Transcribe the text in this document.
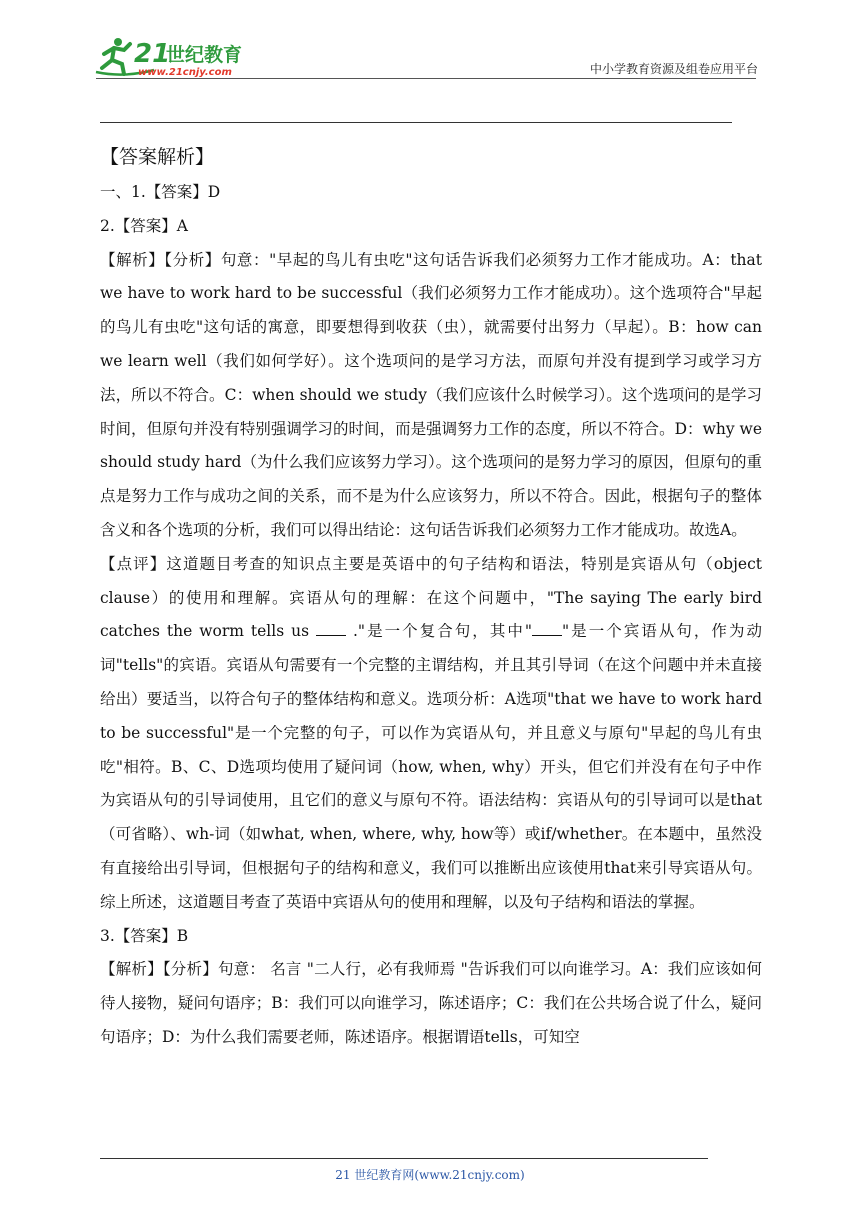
21
世纪教育
www.21cnjy.com	中小学教育资源及组卷应用平台
【答案解析】
一、1.【答案】D
2.【答案】A
【解析】【分析】句意："早起的鸟儿有虫吃"这句话告诉我们必须努力工作才能成功。A：that we have to work hard to be successful（我们必须努力工作才能成功）。这个选项符合"早起的鸟儿有虫吃"这句话的寓意，即要想得到收获（虫），就需要付出努力（早起）。B：how can we learn well（我们如何学好）。这个选项问的是学习方法，而原句并没有提到学习或学习方法，所以不符合。C：when should we study（我们应该什么时候学习）。这个选项问的是学习时间，但原句并没有特别强调学习的时间，而是强调努力工作的态度，所以不符合。D：why we should study hard（为什么我们应该努力学习）。这个选项问的是努力学习的原因，但原句的重点是努力工作与成功之间的关系，而不是为什么应该努力，所以不符合。因此，根据句子的整体含义和各个选项的分析，我们可以得出结论：这句话告诉我们必须努力工作才能成功。故选A。
【点评】这道题目考查的知识点主要是英语中的句子结构和语法，特别是宾语从句（object clause）的使用和理解。宾语从句的理解：在这个问题中，"The saying The early bird catches the worm tells us  ."是一个复合句，其中" "是一个宾语从句，作为动词"tells"的宾语。宾语从句需要有一个完整的主谓结构，并且其引导词（在这个问题中并未直接给出）要适当，以符合句子的整体结构和意义。选项分析：A选项"that we have to work hard to be successful"是一个完整的句子，可以作为宾语从句，并且意义与原句"早起的鸟儿有虫吃"相符。B、C、D选项均使用了疑问词（how, when, why）开头，但它们并没有在句子中作为宾语从句的引导词使用，且它们的意义与原句不符。语法结构：宾语从句的引导词可以是that（可省略）、wh-词（如what, when, where, why, how等）或if/whether。在本题中，虽然没有直接给出引导词，但根据句子的结构和意义，我们可以推断出应该使用that来引导宾语从句。综上所述，这道题目考查了英语中宾语从句的使用和理解，以及句子结构和语法的掌握。
3.【答案】B
【解析】【分析】句意： 名言 "二人行，必有我师焉 "告诉我们可以向谁学习。A：我们应该如何待人接物，疑问句语序；B：我们可以向谁学习，陈述语序；C：我们在公共场合说了什么，疑问句语序；D：为什么我们需要老师，陈述语序。根据谓语tells，可知空
21 世纪教育网(www.21cnjy.com)
